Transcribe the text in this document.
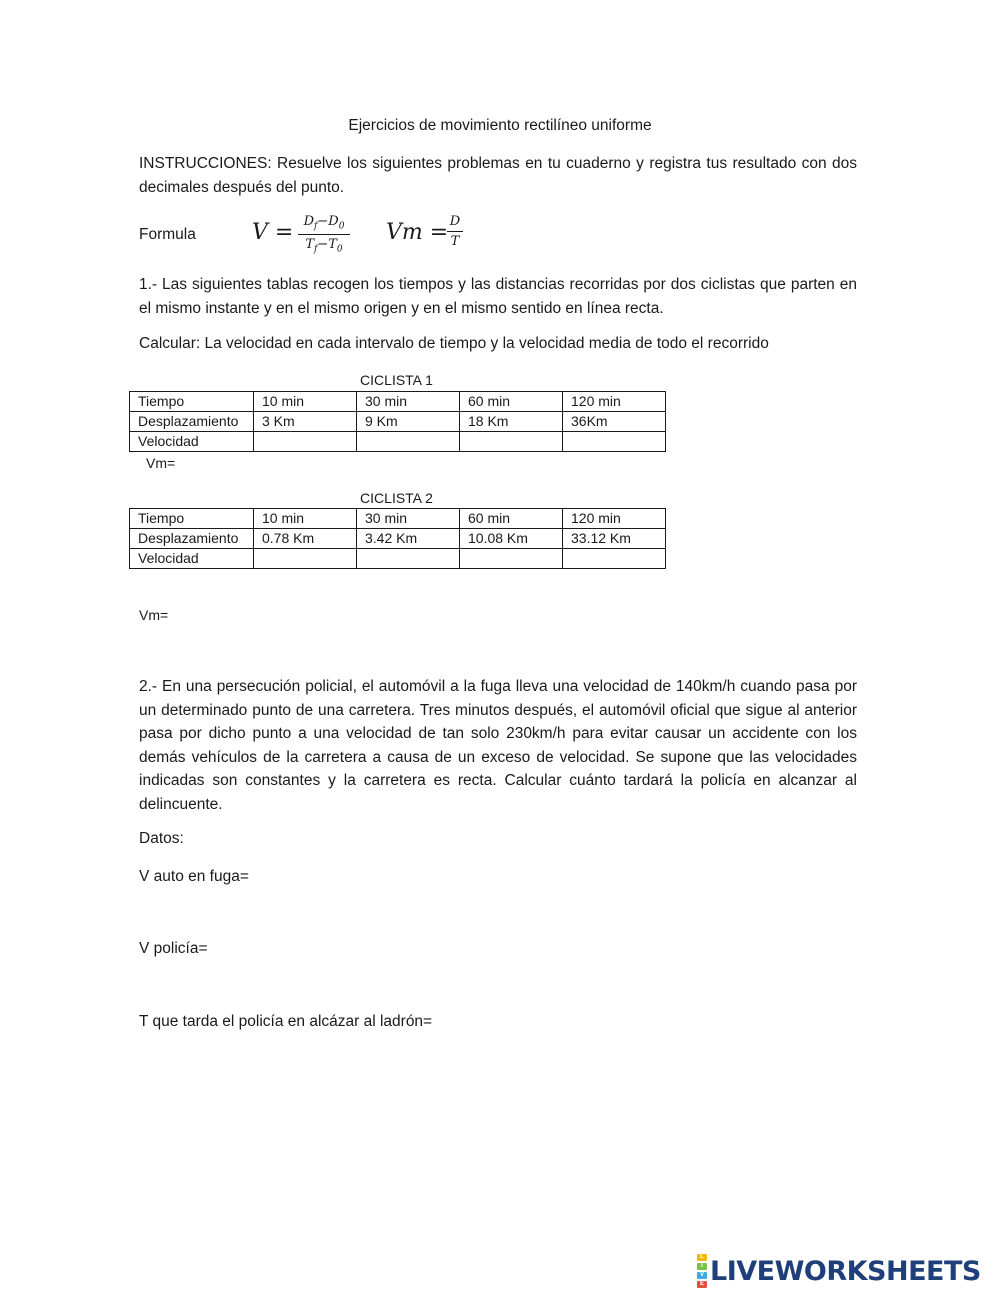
Ejercicios de movimiento rectilíneo uniforme
INSTRUCCIONES: Resuelve los siguientes problemas en tu cuaderno y registra tus resultado con dos decimales después del punto.
Formula	$V = D_f-D_0$
$T_f-T_0$
Vm = D
T
1.- Las siguientes tablas recogen los tiempos y las distancias recorridas por dos ciclistas que parten en el mismo instante y en el mismo origen y en el mismo sentido en línea recta.
Calcular: La velocidad en cada intervalo de tiempo y la velocidad media de todo el recorrido
CICLISTA 1
Tiempo	10 min	30 min	60 min	120 min
Desplazamiento	3 Km	9 Km	18 Km	36Km
Velocidad				
Vm=
CICLISTA 2
Tiempo	10 min	30 min	60 min	120 min
Desplazamiento	0.78 Km	3.42 Km	10.08 Km	33.12 Km
Velocidad				
Vm=
2.- En una persecución policial, el automóvil a la fuga lleva una velocidad de 140km/h cuando pasa por un determinado punto de una carretera. Tres minutos después, el automóvil oficial que sigue al anterior pasa por dicho punto a una velocidad de tan solo 230km/h para evitar causar un accidente con los demás vehículos de la carretera a causa de un exceso de velocidad. Se supone que las velocidades indicadas son constantes y la carretera es recta. Calcular cuánto tardará la policía en alcanzar al delincuente.
Datos:
V auto en fuga=
V policía=
T que tarda el policía en alcázar al ladrón=
L
I
V
E LIVEWORKSHEETS
